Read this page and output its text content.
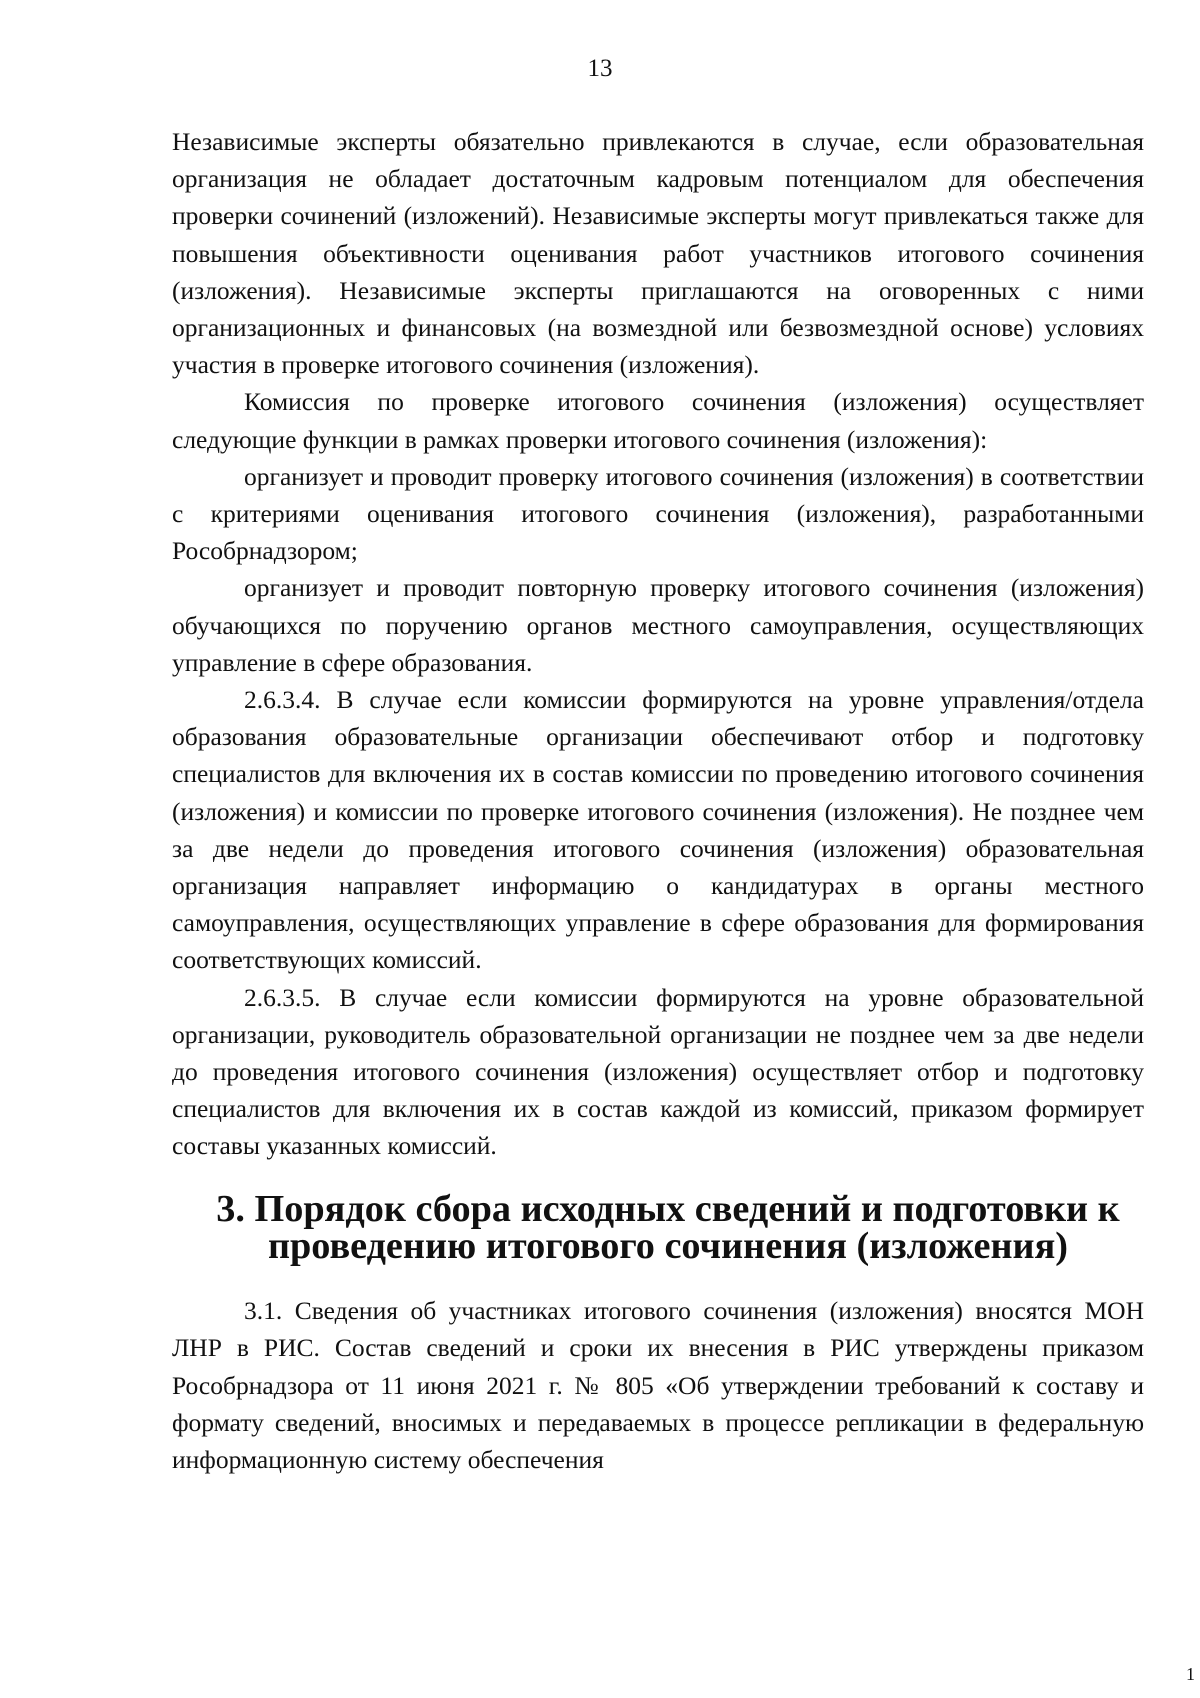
13

Независимые эксперты обязательно привлекаются в случае, если образовательная организация не обладает достаточным кадровым потенциалом для обеспечения проверки сочинений (изложений). Независимые эксперты могут привлекаться также для повышения объективности оценивания работ участников итогового сочинения (изложения). Независимые эксперты приглашаются на оговоренных с ними организационных и финансовых (на возмездной или безвозмездной основе) условиях участия в проверке итогового сочинения (изложения).

Комиссия по проверке итогового сочинения (изложения) осуществляет следующие функции в рамках проверки итогового сочинения (изложения):

организует и проводит проверку итогового сочинения (изложения) в соответствии с критериями оценивания итогового сочинения (изложения), разработанными Рособрнадзором;

организует и проводит повторную проверку итогового сочинения (изложения) обучающихся по поручению органов местного самоуправления, осуществляющих управление в сфере образования.

2.6.3.4. В случае если комиссии формируются на уровне управления/отдела образования образовательные организации обеспечивают отбор и подготовку специалистов для включения их в состав комиссии по проведению итогового сочинения (изложения) и комиссии по проверке итогового сочинения (изложения). Не позднее чем за две недели до проведения итогового сочинения (изложения) образовательная организация направляет информацию о кандидатурах в органы местного самоуправления, осуществляющих управление в сфере образования для формирования соответствующих комиссий.

2.6.3.5. В случае если комиссии формируются на уровне образовательной организации, руководитель образовательной организации не позднее чем за две недели до проведения итогового сочинения (изложения) осуществляет отбор и подготовку специалистов для включения их в состав каждой из комиссий, приказом формирует составы указанных комиссий.

3. Порядок сбора исходных сведений и подготовки к проведению итогового сочинения (изложения)

3.1. Сведения об участниках итогового сочинения (изложения) вносятся МОН ЛНР в РИС. Состав сведений и сроки их внесения в РИС утверждены приказом Рособрнадзора от 11 июня 2021 г. № 805 «Об утверждении требований к составу и формату сведений, вносимых и передаваемых в процессе репликации в федеральную информационную систему обеспечения

1
